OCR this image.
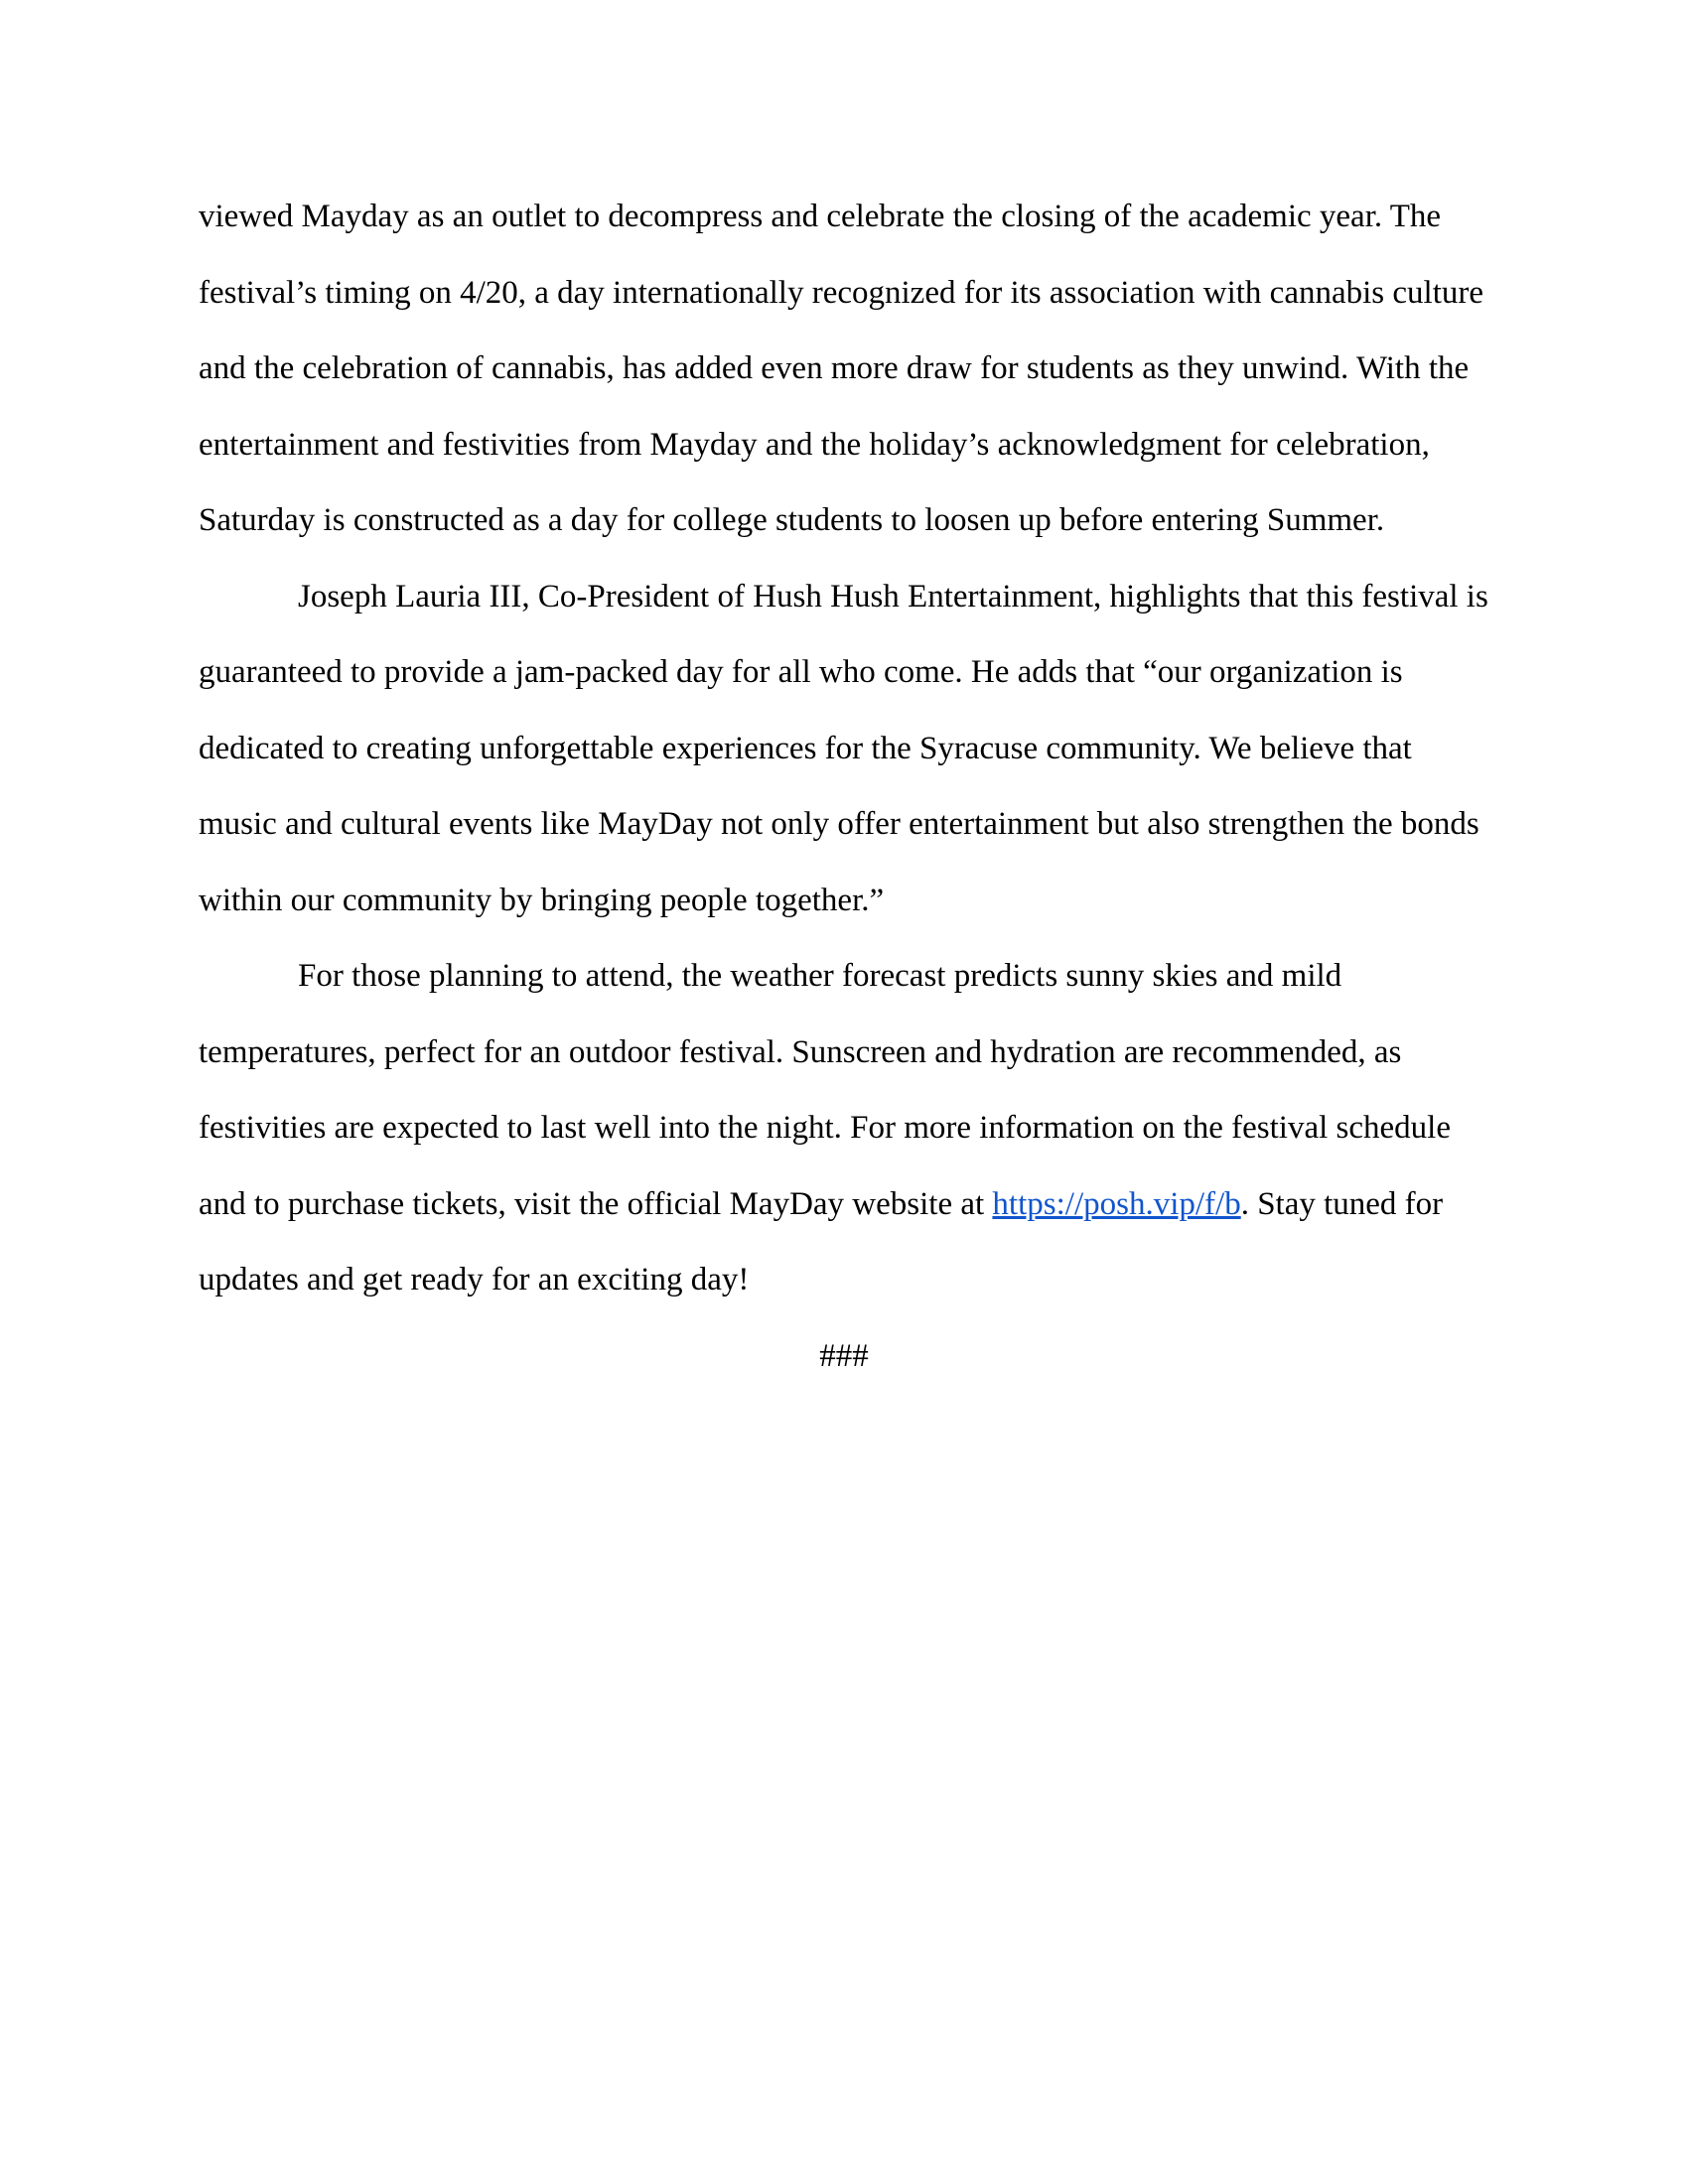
viewed Mayday as an outlet to decompress and celebrate the closing of the academic year. The festival’s timing on 4/20, a day internationally recognized for its association with cannabis culture and the celebration of cannabis, has added even more draw for students as they unwind. With the entertainment and festivities from Mayday and the holiday’s acknowledgment for celebration, Saturday is constructed as a day for college students to loosen up before entering Summer.

Joseph Lauria III, Co-President of Hush Hush Entertainment, highlights that this festival is guaranteed to provide a jam-packed day for all who come. He adds that “our organization is dedicated to creating unforgettable experiences for the Syracuse community. We believe that music and cultural events like MayDay not only offer entertainment but also strengthen the bonds within our community by bringing people together.”

For those planning to attend, the weather forecast predicts sunny skies and mild temperatures, perfect for an outdoor festival. Sunscreen and hydration are recommended, as festivities are expected to last well into the night. For more information on the festival schedule and to purchase tickets, visit the official MayDay website at https://posh.vip/f/b. Stay tuned for updates and get ready for an exciting day!

###
